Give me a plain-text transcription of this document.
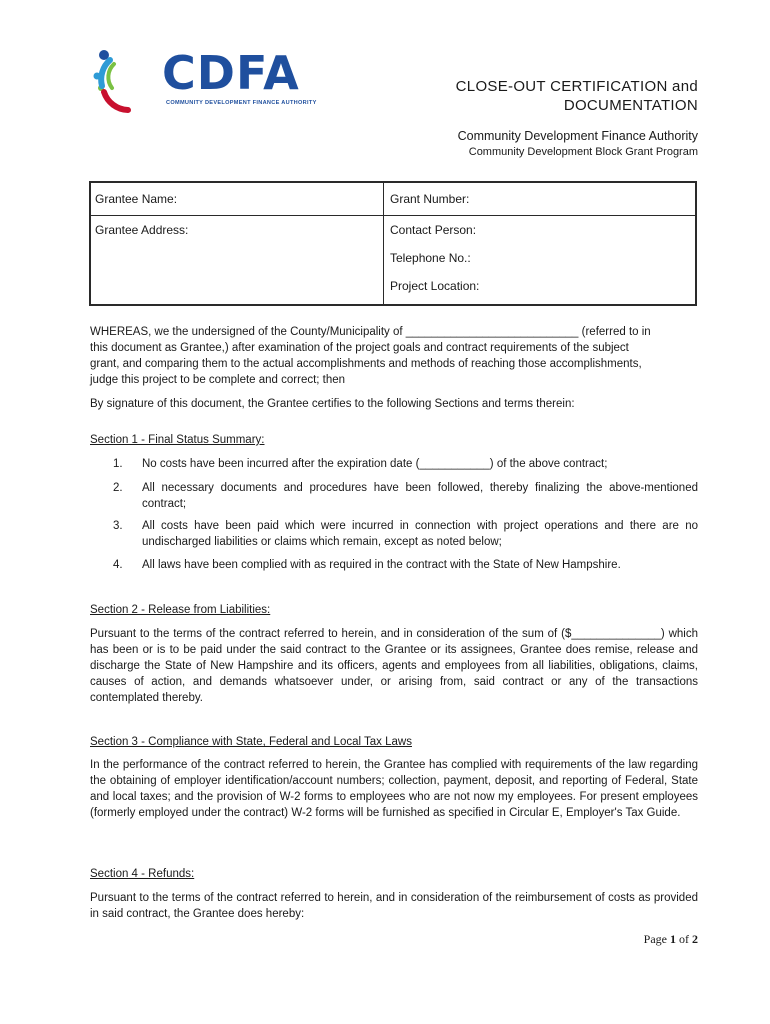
CDFA
COMMUNITY DEVELOPMENT FINANCE AUTHORITY
CLOSE-OUT CERTIFICATION and
DOCUMENTATION
Community Development Finance Authority
Community Development Block Grant Program
Grantee Name:	Grant Number:
Grantee Address:	Contact Person:
Telephone No.:
Project Location:
WHEREAS, we the undersigned of the County/Municipality of ___________________________ (referred to in
this document as Grantee,) after examination of the project goals and contract requirements of the subject
grant, and comparing them to the actual accomplishments and methods of reaching those accomplishments,
judge this project to be complete and correct; then
By signature of this document, the Grantee certifies to the following Sections and terms therein:
Section 1 - Final Status Summary:
1. No costs have been incurred after the expiration date (___________) of the above contract;
2. All necessary documents and procedures have been followed, thereby finalizing the above-mentioned contract;
3. All costs have been paid which were incurred in connection with project operations and there are no undischarged liabilities or claims which remain, except as noted below;
4. All laws have been complied with as required in the contract with the State of New Hampshire.
Section 2 - Release from Liabilities:
Pursuant to the terms of the contract referred to herein, and in consideration of the sum of ($______________) which has been or is to be paid under the said contract to the Grantee or its assignees, Grantee does remise, release and discharge the State of New Hampshire and its officers, agents and employees from all liabilities, obligations, claims, causes of action, and demands whatsoever under, or arising from, said contract or any of the transactions contemplated thereby.
Section 3 - Compliance with State, Federal and Local Tax Laws
In the performance of the contract referred to herein, the Grantee has complied with requirements of the law regarding the obtaining of employer identification/account numbers; collection, payment, deposit, and reporting of Federal, State and local taxes; and the provision of W-2 forms to employees who are not now my employees. For present employees (formerly employed under the contract) W-2 forms will be furnished as specified in Circular E, Employer's Tax Guide.
Section 4 - Refunds:
Pursuant to the terms of the contract referred to herein, and in consideration of the reimbursement of costs as provided in said contract, the Grantee does hereby:
Page 1 of 2
